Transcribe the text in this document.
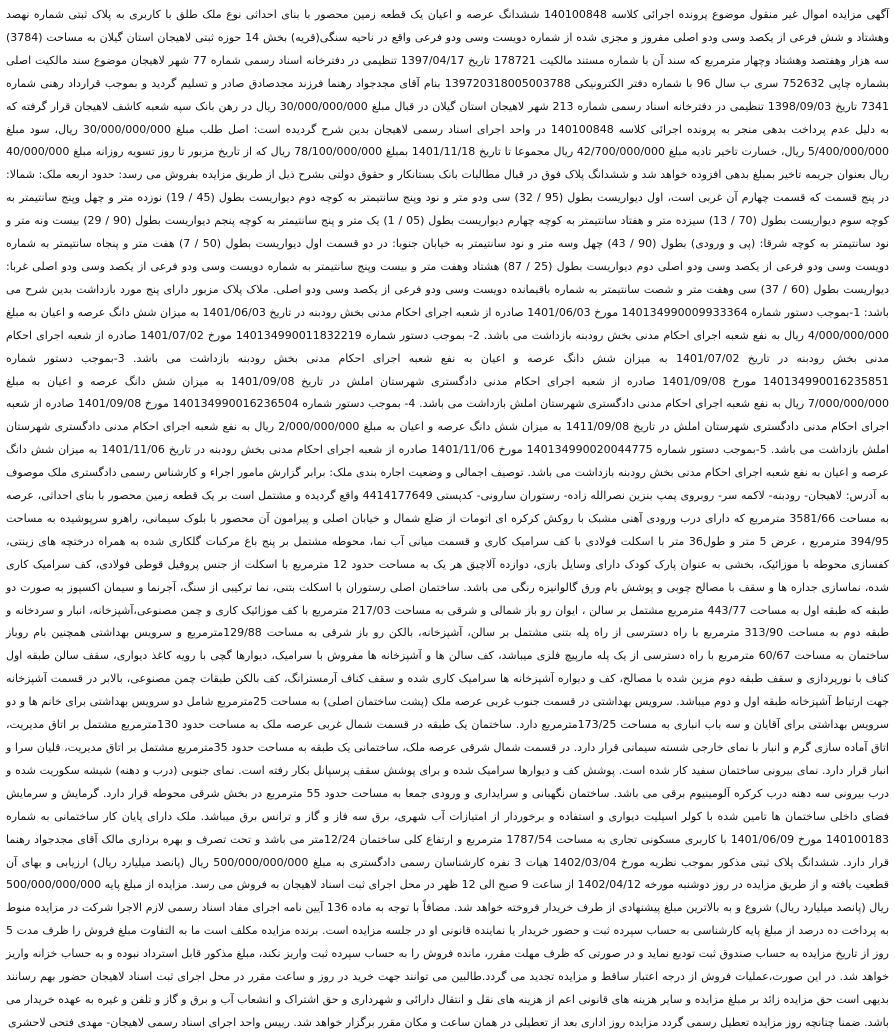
آگهی مزایده اموال غیر منقول موضوع پرونده اجرائی کلاسه 140100848 ششدانگ عرصه و اعیان یک قطعه زمین محصور با بنای احداثی نوع ملک طلق با کاربری به پلاک ثبتی شماره نهصد وهشتاد و شش فرعی از یکصد وسی ودو اصلی مفروز و مجزی شده از شماره دویست وسی ودو فرعی واقع در ناحیه سنگی(قریه) بخش 14 حوزه ثبتی لاهیجان استان گیلان به مساحت (3784) سه هزار وهفتصد وهشتاد وچهار مترمربع که سند آن با شماره مستند مالکیت 178721 تاریخ 1397/04/17 تنظیمی در دفترخانه اسناد رسمی شماره 77 شهر لاهیجان موضوع سند مالکیت اصلی بشماره چاپی 752632 سری ب سال 96 با شماره دفتر الکترونیکی 139720318005003788 بنام آقای مجدجواد رهنما فرزند مجدصادق صادر و تسلیم گردید و بموجب قرارداد رهنی شماره 7341 تاریخ 1398/09/03 تنظیمی در دفترخانه اسناد رسمی شماره 213 شهر لاهیجان استان گیلان در قبال مبلغ 30/000/000/000 ریال در رهن بانک سپه شعبه کاشف لاهیجان قرار گرفته که به دلیل عدم پرداخت بدهی منجر به پرونده اجرائی کلاسه 140100848 در واحد اجرای اسناد رسمی لاهیجان بدین شرح گردیده است: اصل طلب مبلغ 30/000/000/000 ریال، سود مبلغ 5/400/000/000 ریال، خسارت تاخیر تادیه مبلغ 42/700/000/000 ریال مجموعا تا تاریخ 1401/11/18 بمبلغ 78/100/000/000 ریال که از تاریخ مزبور تا روز تسویه روزانه مبلغ 40/000/000 ریال بعنوان جریمه تاخیر بمبلغ بدهی افزوده خواهد شد و ششدانگ پلاک فوق در قبال مطالبات بانک بستانکار و حقوق دولتی بشرح ذیل از طریق مزایده بفروش می رسد: حدود اربعه ملک: شمالا: در پنج قسمت که قسمت چهارم آن غربی است، اول دیواریست بطول (95 / 32) سی ودو متر و نود وپنج سانتیمتر به کوچه دوم دیواریست بطول (45 / 19) نوزده متر و چهل وپنج سانتیمتر به کوچه سوم دیواریست بطول (70 / 13) سیزده متر و هفتاد سانتیمتر به کوچه چهارم دیواریست بطول (05 / 1) یک متر و پنج سانتیمتر به کوچه پنجم دیواریست بطول (90 / 29) بیست ونه متر و نود سانتیمتر به کوچه شرقا: (پی و ورودی) بطول (90 / 43) چهل وسه متر و نود سانتیمتر به خیابان جنوبا: در دو قسمت اول دیواریست بطول (50 / 7) هفت متر و پنجاه سانتیمتر به شماره دویست وسی ودو فرعی از یکصد وسی ودو اصلی دوم دیواریست بطول (25 / 87) هشتاد وهفت متر و بیست وپنج سانتیمتر به شماره دویست وسی ودو فرعی از یکصد وسی ودو اصلی غربا: دیواریست بطول (60 / 37) سی وهفت متر و شصت سانتیمتر به شماره باقیمانده دویست وسی ودو فرعی از یکصد وسی ودو اصلی. ملاک پلاک مزبور دارای پنج مورد بازداشت بدین شرح می باشد: 1-بموجب دستور شماره 140134990009933364 مورخ 1401/06/03 صادره از شعبه اجرای احکام مدنی بخش رودبنه در تاریخ 1401/06/03 به میزان شش دانگ عرصه و اعیان به مبلغ 4/000/000/000 ریال به نفع شعبه اجرای احکام مدنی بخش رودبنه بازداشت می باشد. 2- بموجب دستور شماره 140134990011832219 مورخ 1401/07/02 صادره از شعبه اجرای احکام مدنی بخش رودبنه در تاریخ 1401/07/02 به میزان شش دانگ عرصه و اعیان به نفع شعبه اجرای احکام مدنی بخش رودبنه بازداشت می باشد. 3-بموجب دستور شماره 140134990016235851 مورخ 1401/09/08 صادره از شعبه اجرای احکام مدنی دادگستری شهرستان املش در تاریخ 1401/09/08 به میزان شش دانگ عرصه و اعیان به مبلغ 7/000/000/000 ریال به نفع شعبه اجرای احکام مدنی دادگستری شهرستان املش بازداشت می باشد. 4- بموجب دستور شماره 140134990016236504 مورخ 1401/09/08 صادره از شعبه اجرای احکام مدنی دادگستری شهرستان املش در تاریخ 1411/09/08 به میزان شش دانگ عرصه و اعیان به مبلغ 2/000/000/000 ریال به نفع شعبه اجرای احکام مدنی دادگستری شهرستان املش بازداشت می باشد. 5-بموجب دستور شماره 140134990020044775 مورخ 1401/11/06 صادره از شعبه اجرای احکام مدنی بخش رودبنه در تاریخ 1401/11/06 به میزان شش دانگ عرصه و اعیان به نفع شعبه اجرای احکام مدنی بخش رودبنه بازداشت می باشد. توصیف اجمالی و وضعیت اجاره بندی ملک: برابر گزارش مامور اجراء و کارشناس رسمی دادگستری ملک موصوف به آدرس: لاهیجان- رودبنه- لاکمه سر- روبروی پمپ بنزین نصرالله زاده- رستوران سارونی- کدپستی 4414177649 واقع گردیده و مشتمل است بر یک قطعه زمین محصور با بنای احداثی، عرصه به مساحت 3581/66 مترمربع که دارای درب ورودی آهنی مشبک با روکش کرکره ای اتومات از ضلع شمال و خیابان اصلی و پیرامون آن محصور با بلوک سیمانی، راهرو سرپوشیده به مساحت 394/95 مترمربع ، عرض 5 متر و طول36 متر با اسکلت فولادی با کف سرامیک کاری و قسمت میانی آب نما، محوطه مشتمل بر پنج باغ مرکبات گلکاری شده به همراه درختچه های زینتی، کفسازی محوطه با موزائیک، بخشی به عنوان پارک کودک دارای وسایل بازی، دوازده آلاچیق هر یک به مساحت حدود 12 مترمربع با اسکلت از جنس پروفیل قوطی فولادی، کف سرامیک کاری شده، نماسازی جداره ها و سقف با مصالح چوبی و پوشش بام ورق گالوانیزه رنگی می باشد. ساختمان اصلی رستوران با اسکلت بتنی، نما ترکیبی از سنگ، آجرنما و سیمان اکسپوز به صورت دو طبقه که طبقه اول به مساحت 443/77 مترمربع مشتمل بر سالن ، ایوان رو باز شمالی و شرقی به مساحت 217/03 مترمربع با کف موزائیک کاری و چمن مصنوعی،آشپزخانه، انبار و سردخانه و طبقه دوم به مساحت 313/90 مترمربع با راه دسترسی از راه پله بتنی مشتمل بر سالن، آشپزخانه، بالکن رو باز شرقی به مساحت 129/88مترمربع و سرویس بهداشتی همچنین بام روباز ساختمان به مساحت 60/67 مترمربع با راه دسترسی از یک پله مارپیچ فلزی میباشد، کف سالن ها و آشپزخانه ها مفروش با سرامیک، دیوارها گچی با رویه کاغذ دیواری، سقف سالن طبقه اول کناف با نورپردازی و سقف طبقه دوم مزین شده با مصالح، کف و دیواره آشپزخانه ها سرامیک کاری شده و سقف کناف آرمسترانگ، کف بالکن طبقات چمن مصنوعی، بالابر در قسمت آشپزخانه جهت ارتباط آشپزخانه طبقه اول و دوم میباشد. سرویس بهداشتی در قسمت جنوب غربی عرصه ملک (پشت ساختمان اصلی) به مساحت 25مترمربع شامل دو سرویس بهداشتی برای خانم ها و دو سرویس بهداشتی برای آقایان و سه باب انباری به مساحت 173/25مترمربع دارد. ساختمان یک طبقه در قسمت شمال غربی عرصه ملک به مساحت حدود 130مترمربع مشتمل بر اتاق مدیریت، اتاق آماده سازی گرم و انبار با نمای خارجی شسته سیمانی قرار دارد. در قسمت شمال شرقی عرصه ملک، ساختمانی یک طبقه به مساحت حدود 35مترمربع مشتمل بر اتاق مدیریت، قلیان سرا و انبار قرار دارد. نمای بیرونی ساختمان سفید کار شده است. پوشش کف و دیوارها سرامیک شده و برای پوشش سقف پرسپانل بکار رفته است. نمای جنوبی (درب و دهنه) شیشه سکوریت شده و درب بیرونی سه دهنه درب کرکره آلومینیوم برقی می باشد. ساختمان نگهبانی و سرایداری و ورودی جمعا به مساحت حدود 55 مترمربع در بخش شرقی محوطه قرار دارد. گرمایش و سرمایش فضای داخلی ساختمان ها تامین شده با کولر اسپلیت دیواری و استفاده و برخوردار از امتیازات آب شهری، برق سه فاز و گاز و ترانس برق میباشد. ملک دارای پایان کار ساختمانی به شماره 140100183 مورخ 1401/06/09 با کاربری مسکونی تجاری به مساحت 1787/54 مترمربع و ارتفاع کلی ساختمان 12/24متر می باشد و تحت تصرف و بهره برداری مالک آقای مجدجواد رهنما قرار دارد. ششدانگ پلاک ثبتی مذکور بموجب نظریه مورخ 1402/03/04 هیات 3 نفره کارشناسان رسمی دادگستری به مبلغ 500/000/000/000 ریال (پانصد میلیارد ریال) ارزیابی و بهای آن قطعیت یافته و از طریق مزایده در روز دوشنبه مورخه 1402/04/12 از ساعت 9 صبح الی 12 ظهر در محل اجرای ثبت اسناد لاهیجان به فروش می رسد. مزایده از مبلغ پایه 500/000/000/000 ریال (پانصد میلیارد ریال) شروع و به بالاترین مبلغ پیشنهادی از طرف خریدار فروخته خواهد شد. مضافاً با توجه به ماده 136 آیین نامه اجرای مفاد اسناد رسمی لازم الاجرا شرکت در مزایده منوط به پرداخت ده درصد از مبلغ پایه کارشناسی به حساب سپرده ثبت و حضور خریدار یا نماینده قانونی او در جلسه مزایده است. برنده مزایده مکلف است ما به التفاوت مبلغ فروش را ظرف مدت 5 روز از تاریخ مزایده به حساب صندوق ثبت تودیع نماید و در صورتی که ظرف مهلت مقرر، مانده فروش را به حساب سپرده ثبت واریز نکند، مبلغ مذکور قابل استرداد نبوده و به حساب خزانه واریز خواهد شد. در این صورت،عملیات فروش از درجه اعتبار ساقط و مزایده تجدید می گردد.طالبین می توانند جهت خرید در روز و ساعت مقرر در محل اجرای ثبت اسناد لاهیجان حضور بهم رسانند بدیهی است حق مزایده زائد بر مبلغ مزایده و سایر هزینه های قانونی اعم از هزینه های نقل و انتقال دارائی و شهرداری و حق اشتراک و انشعاب آب و برق و گاز و تلفن و غیره به عهده خریدار می باشد. ضمنا چنانچه روز مزایده تعطیل رسمی گردد مزایده روز اداری بعد از تعطیلی در همان ساعت و مکان مقرر برگزار خواهد شد. رییس واحد اجرای اسناد رسمی لاهیجان- مهدی فتحی لاحشری
